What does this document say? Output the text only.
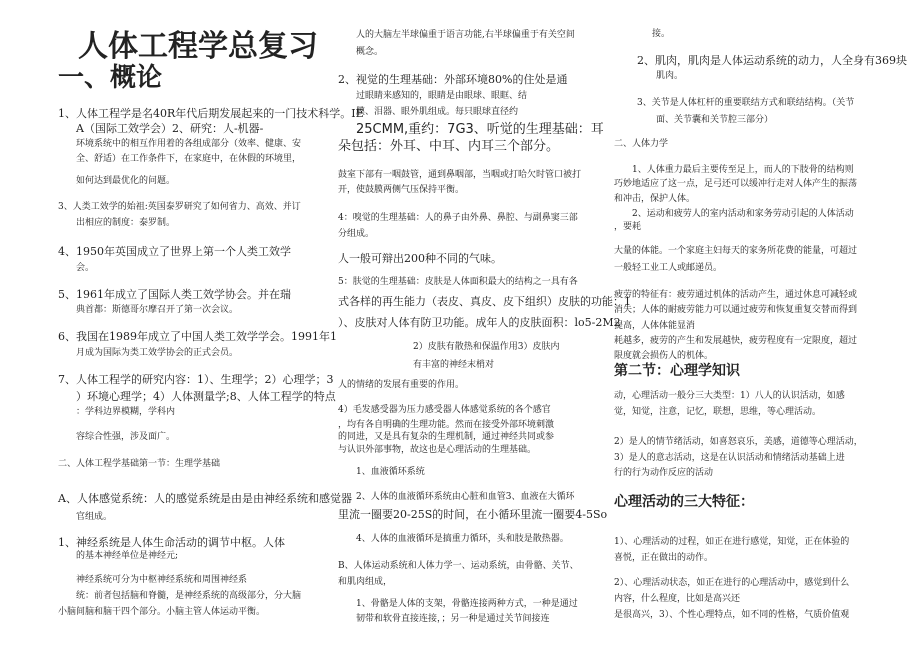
人体工程学总复习
一、概论
1、人体工程学是名40R年代后期发展起来的一门技术科学。IE
A（国际工效学会）2、研究：人-机器-
环境系统中的相互作用着的各组成部分（效率、健康、安
全、舒适）在工作条件下，在家庭中，在休假的环境里，
如何达到最优化的问题。
3、人类工效学的始祖:英国泰罗研究了如何省力、高效、并订
出相应的制度：泰罗制。
4、1950年英国成立了世界上第一个人类工效学
会。
5、1961年成立了国际人类工效学协会。并在瑞
典首都：斯德哥尔摩召开了第一次会议。
6、我国在1989年成立了中国人类工效学学会。1991年1
月成为国际为类工效学协会的正式会员。
7、人体工程学的研究内容：1）、生理学；2）心理学；3
）环境心理学；4）人体测量学;8、人体工程学的特点
：学科边界模糊，学科内
容综合性强，涉及面广。
二、人体工程学基础第一节：生理学基础
A、人体感觉系统：人的感觉系统是由是由神经系统和感觉器
官组成。
1、神经系统是人体生命活动的调节中枢。人体
的基本神经单位是神经元;
神经系统可分为中枢神经系统和周围神经系
统：前者包括脑和脊髓，是神经系统的高级部分，分大脑
小脑间脑和脑干四个部分。小脑主管人体运动平衡。
人的大脑左半球偏重于语言功能,右半球偏重于有关空间
概念。
2、视觉的生理基础：外部环境80%的住处是通
过眼睛来感知的，眼睛是由眼球、眼眶、结
膜、泪器、眼外肌组成。每只眼球直径约
25CMM,重约：7G3、听觉的生理基础：耳
朵包括：外耳、中耳、内耳三个部分。
鼓室下部有一咽鼓管，通到鼻咽部，当咽或打哈欠时管口被打
开，使鼓膜两侧气压保持平衡。
4：嗅觉的生理基础：人的鼻子由外鼻、鼻腔、与副鼻窦三部
分组成。
人一般可辩出200种不同的气味。
5：肤觉的生理基础：皮肤是人体面积最大的结构之一具有各
式各样的再生能力（表皮、真皮、皮下组织）皮肤的功能：1
）、皮肤对人体有防卫功能。成年人的皮肤面积：lo5-2M2
2）皮肤有散热和保温作用3）皮肤内
有丰富的神经末梢对
人的情绪的发展有重要的作用。
4）毛发感受器为压力感受器人体感觉系统的各个感官
，均有各自明确的生理功能。然而在接受外部环境刺激
的同进，又是具有复杂的生理机制，通过神经共同或参
与认识外部事物，故这也是心理活动的生理基础。
1、血液循环系统
2、人体的血液循环系统由心脏和血管3、血液在大循环
里流一圈要20-25S的时间，在小循环里流一圈要4-5So
4、人体的血液循环是搞重力循环，头和肢是散热器。
B、人体运动系统和人体力学一、运动系统，由骨骼、关节、
和肌肉组成，
1、骨骼是人体的支架，骨骼连接两种方式，一种是通过
韧带和软骨直接连接，；另一种是通过关节间接连
接。
2、肌肉，肌肉是人体运动系统的动力，人全身有369块
肌肉。
3、关节是人体杠杆的重要联结方式和联结结构。（关节
面、关节囊和关节腔三部分）
二、人体力学
1、人体重力最后主要传至足上，而人的下肢骨的结构则
巧妙地适应了这一点，足弓还可以缓冲行走对人体产生的振荡
和冲击，保护人体。
2、运动和疲劳人的室内活动和家务劳动引起的人体活动
，要耗
大量的体能。一个家庭主妇每天的家务所花费的能量，可超过
一般轻工业工人或邮递员。
疲劳的特征有：疲劳通过机体的活动产生，通过休息可减轻或
消失；人体的耐疲劳能力可以通过疲劳和恢复重复交替而得到
提高，人体体能显消
耗越多，疲劳的产生和发展越快，疲劳程度有一定限度，超过
限度就会损伤人的机体。
第二节：心理学知识
动，心理活动一般分三大类型：1）八人的认识活动，如感
觉，知觉，注意，记忆，联想，思维，等心理活动。
2）是人的情节绪活动，如喜怒哀乐，美感，道德等心理活动，
3）是人的意志活动，这是在认识活动和情绪活动基础上进
行的行为动作反应的活动
心理活动的三大特征：
1）、心理活动的过程，如正在进行感觉，知觉，正在体验的
喜悦，正在做出的动作。
2）、心理活动状态，如正在进行的心理活动中，感觉到什么
内容，什么程度，比如是高兴还
是很高兴，3）、个性心理特点，如不同的性格，气质价值观
